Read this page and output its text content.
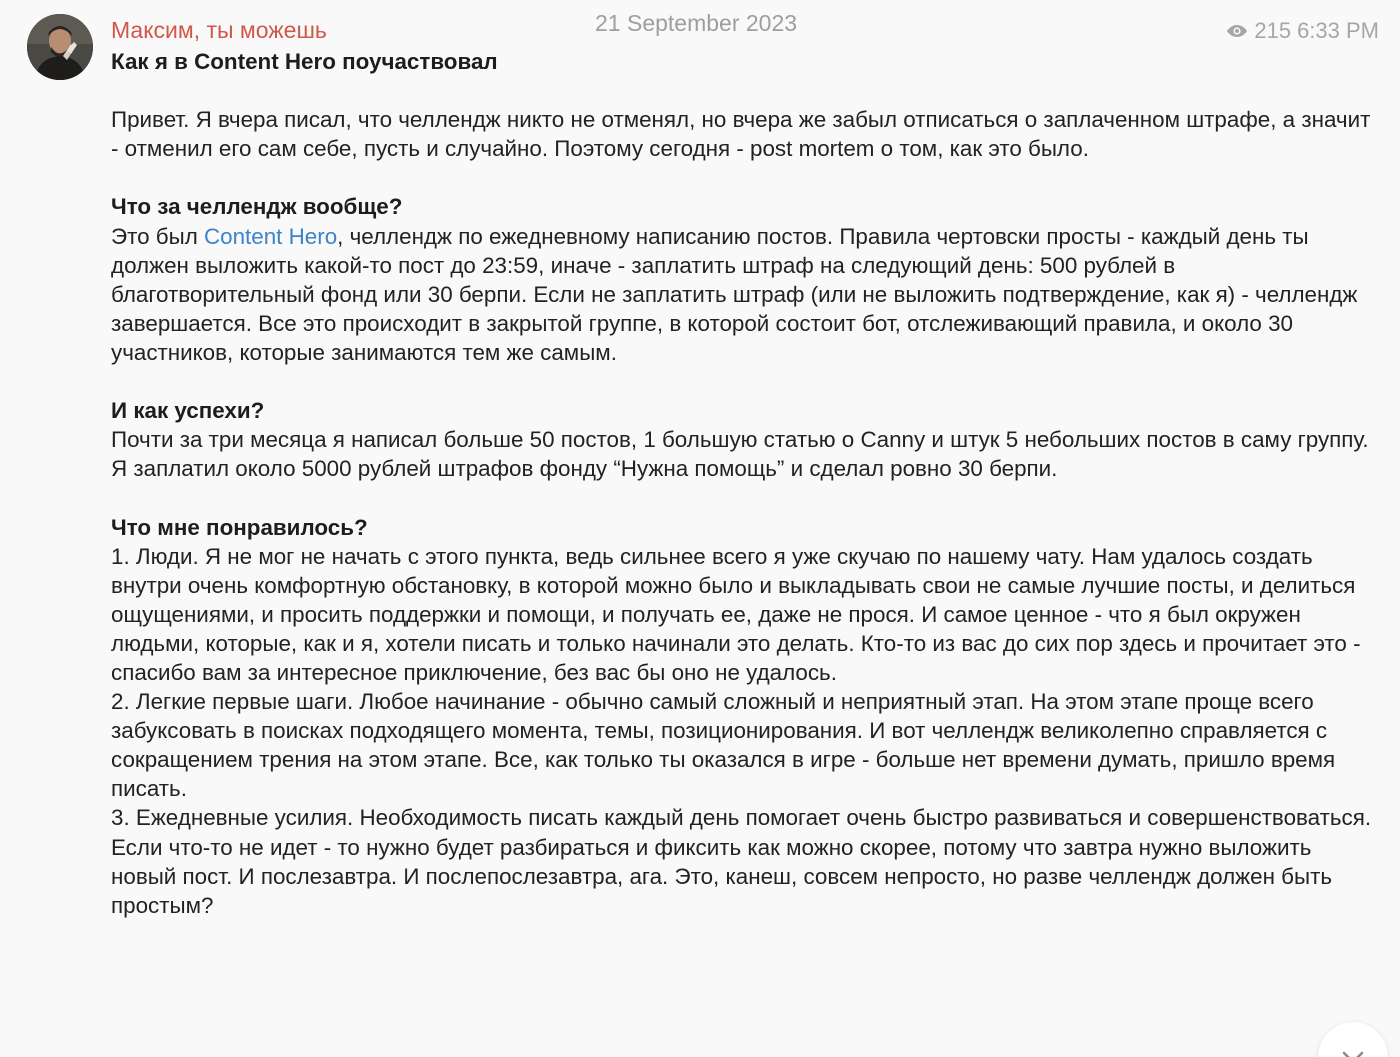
Максим, ты можешь	21 September 2023	215 6:33 PM

Как я в Content Hero поучаствовал

Привет. Я вчера писал, что челлендж никто не отменял, но вчера же забыл отписаться о заплаченном штрафе, а значит - отменил его сам себе, пусть и случайно. Поэтому сегодня - post mortem о том, как это было.

Что за челлендж вообще?

Это был Content Hero, челлендж по ежедневному написанию постов. Правила чертовски просты - каждый день ты должен выложить какой-то пост до 23:59, иначе - заплатить штраф на следующий день: 500 рублей в благотворительный фонд или 30 берпи. Если не заплатить штраф (или не выложить подтверждение, как я) - челлендж завершается. Все это происходит в закрытой группе, в которой состоит бот, отслеживающий правила, и около 30 участников, которые занимаются тем же самым.

И как успехи?

Почти за три месяца я написал больше 50 постов, 1 большую статью о Canny и штук 5 небольших постов в саму группу. Я заплатил около 5000 рублей штрафов фонду “Нужна помощь” и сделал ровно 30 берпи.

Что мне понравилось?

1. Люди. Я не мог не начать с этого пункта, ведь сильнее всего я уже скучаю по нашему чату. Нам удалось создать внутри очень комфортную обстановку, в которой можно было и выкладывать свои не самые лучшие посты, и делиться ощущениями, и просить поддержки и помощи, и получать ее, даже не прося. И самое ценное - что я был окружен людьми, которые, как и я, хотели писать и только начинали это делать. Кто-то из вас до сих пор здесь и прочитает это - спасибо вам за интересное приключение, без вас бы оно не удалось.

2. Легкие первые шаги. Любое начинание - обычно самый сложный и неприятный этап. На этом этапе проще всего забуксовать в поисках подходящего момента, темы, позиционирования. И вот челлендж великолепно справляется с сокращением трения на этом этапе. Все, как только ты оказался в игре - больше нет времени думать, пришло время писать.

3. Ежедневные усилия. Необходимость писать каждый день помогает очень быстро развиваться и совершенствоваться. Если что-то не идет - то нужно будет разбираться и фиксить как можно скорее, потому что завтра нужно выложить новый пост. И послезавтра. И послепослезавтра, ага. Это, канеш, совсем непросто, но разве челлендж должен быть простым?
